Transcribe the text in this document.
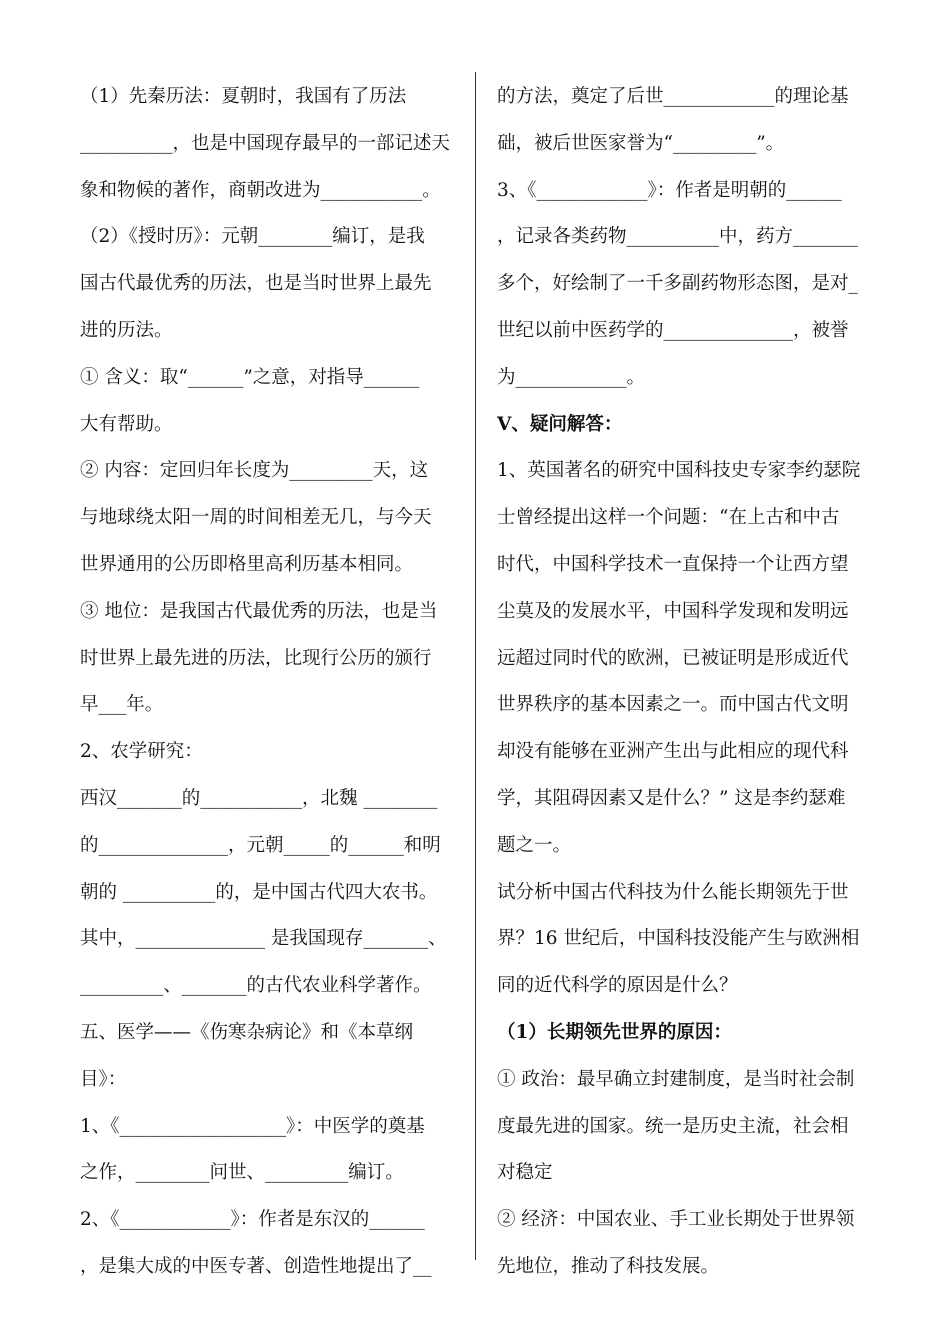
（1）先秦历法：夏朝时，我国有了历法
__________，也是中国现存最早的一部记述天
象和物候的著作，商朝改进为___________。
（2）《授时历》：元朝________编订，是我
国古代最优秀的历法，也是当时世界上最先
进的历法。
① 含义：取“______”之意，对指导______
大有帮助。
② 内容：定回归年长度为_________天，这
与地球绕太阳一周的时间相差无几，与今天
世界通用的公历即格里高利历基本相同。
③ 地位：是我国古代最优秀的历法，也是当
时世界上最先进的历法，比现行公历的颁行
早___年。
2、农学研究：
西汉_______的___________，北魏 ________
的______________，元朝_____的______和明
朝的 __________的，是中国古代四大农书。
其中，______________ 是我国现存_______、
_________、_______的古代农业科学著作。
五、医学——《伤寒杂病论》和《本草纲
目》：
1、《__________________》：中医学的奠基
之作，________问世、_________编订。
2、《____________》：作者是东汉的______
，是集大成的中医专著、创造性地提出了__
的方法，奠定了后世____________的理论基
础，被后世医家誉为“_________”。
3、《____________》：作者是明朝的______
，记录各类药物__________中，药方_______
多个，好绘制了一千多副药物形态图，是对_
世纪以前中医药学的______________，被誉
为____________。
Ⅴ、疑问解答：
1、英国著名的研究中国科技史专家李约瑟院
士曾经提出这样一个问题：“在上古和中古
时代，中国科学技术一直保持一个让西方望
尘莫及的发展水平，中国科学发现和发明远
远超过同时代的欧洲，已被证明是形成近代
世界秩序的基本因素之一。而中国古代文明
却没有能够在亚洲产生出与此相应的现代科
学，其阻碍因素又是什么？” 这是李约瑟难
题之一。
试分析中国古代科技为什么能长期领先于世
界？16 世纪后，中国科技没能产生与欧洲相
同的近代科学的原因是什么？
（1）长期领先世界的原因：
① 政治：最早确立封建制度，是当时社会制
度最先进的国家。统一是历史主流，社会相
对稳定
② 经济：中国农业、手工业长期处于世界领
先地位，推动了科技发展。
